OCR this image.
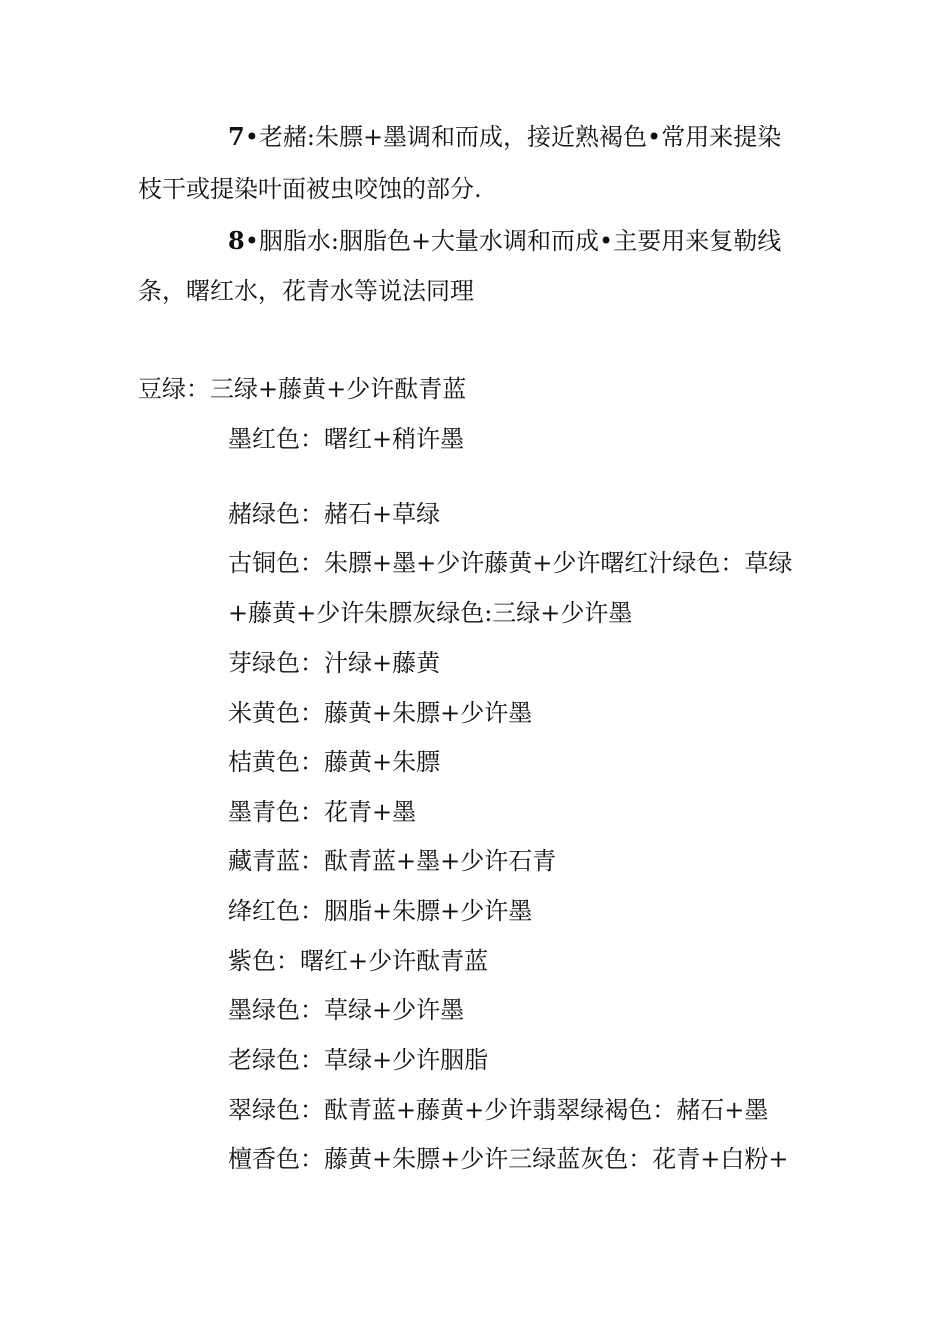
7•老赭:朱膘+墨调和而成，接近熟褐色•常用来提染
枝干或提染叶面被虫咬蚀的部分.
8•胭脂水:胭脂色+大量水调和而成•主要用来复勒线
条，曙红水，花青水等说法同理
豆绿：三绿+藤黄+少许酞青蓝
墨红色：曙红+稍许墨
赭绿色：赭石+草绿
古铜色：朱膘+墨+少许藤黄+少许曙红汁绿色：草绿
+藤黄+少许朱膘灰绿色:三绿+少许墨
芽绿色：汁绿+藤黄
米黄色：藤黄+朱膘+少许墨
桔黄色：藤黄+朱膘
墨青色：花青+墨
藏青蓝：酞青蓝+墨+少许石青
绛红色：胭脂+朱膘+少许墨
紫色：曙红+少许酞青蓝
墨绿色：草绿+少许墨
老绿色：草绿+少许胭脂
翠绿色：酞青蓝+藤黄+少许翡翠绿褐色：赭石+墨
檀香色：藤黄+朱膘+少许三绿蓝灰色：花青+白粉+
